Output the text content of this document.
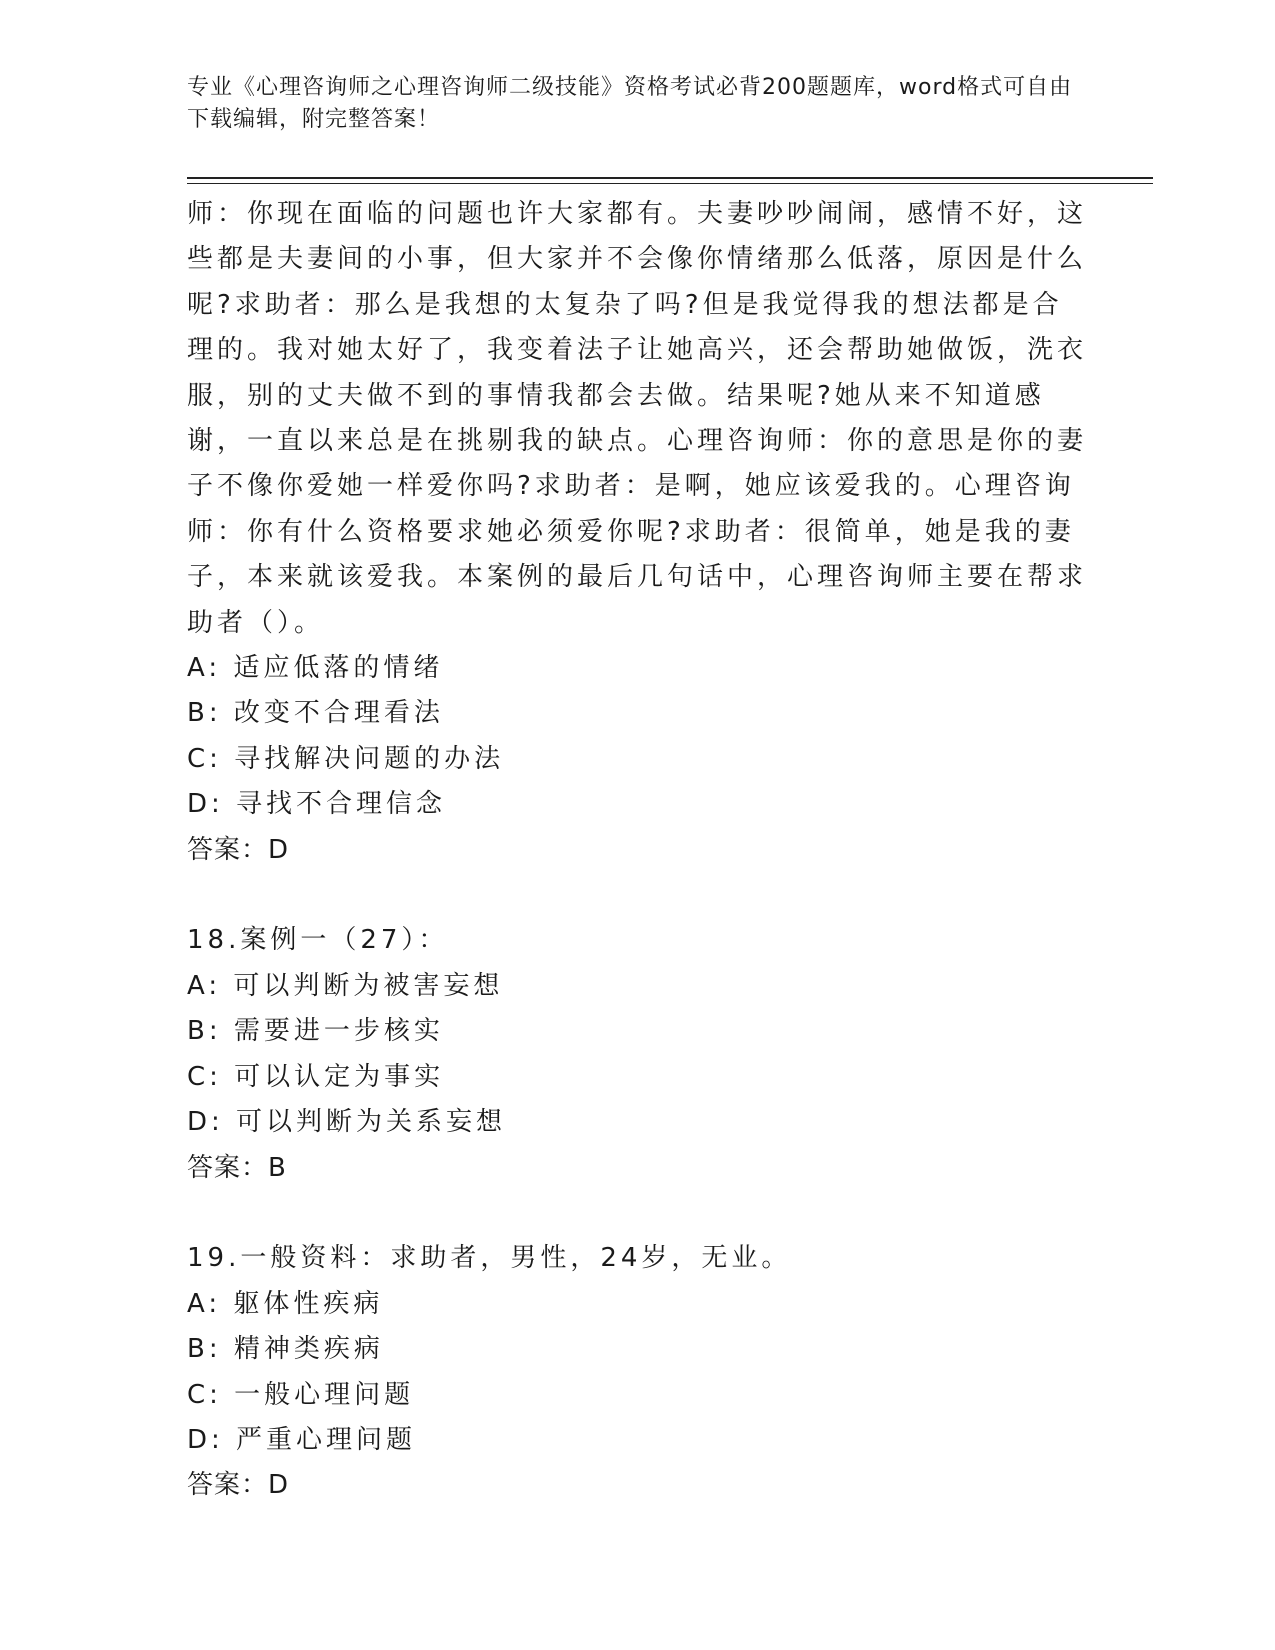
专业《心理咨询师之心理咨询师二级技能》资格考试必背200题题库，word格式可自由下载编辑，附完整答案！

师：你现在面临的问题也许大家都有。夫妻吵吵闹闹，感情不好，这些都是夫妻间的小事，但大家并不会像你情绪那么低落，原因是什么呢?求助者：那么是我想的太复杂了吗?但是我觉得我的想法都是合理的。我对她太好了，我变着法子让她高兴，还会帮助她做饭，洗衣服，别的丈夫做不到的事情我都会去做。结果呢?她从来不知道感谢，一直以来总是在挑剔我的缺点。心理咨询师：你的意思是你的妻子不像你爱她一样爱你吗?求助者：是啊，她应该爱我的。心理咨询师：你有什么资格要求她必须爱你呢?求助者：很简单，她是我的妻子，本来就该爱我。本案例的最后几句话中，心理咨询师主要在帮求助者（）。

A: 适应低落的情绪

B: 改变不合理看法

C: 寻找解决问题的办法

D: 寻找不合理信念

答案：D

18.案例一（27）：

A: 可以判断为被害妄想

B: 需要进一步核实

C: 可以认定为事实

D: 可以判断为关系妄想

答案：B

19.一般资料：求助者，男性，24岁，无业。

A: 躯体性疾病

B: 精神类疾病

C: 一般心理问题

D: 严重心理问题

答案：D
